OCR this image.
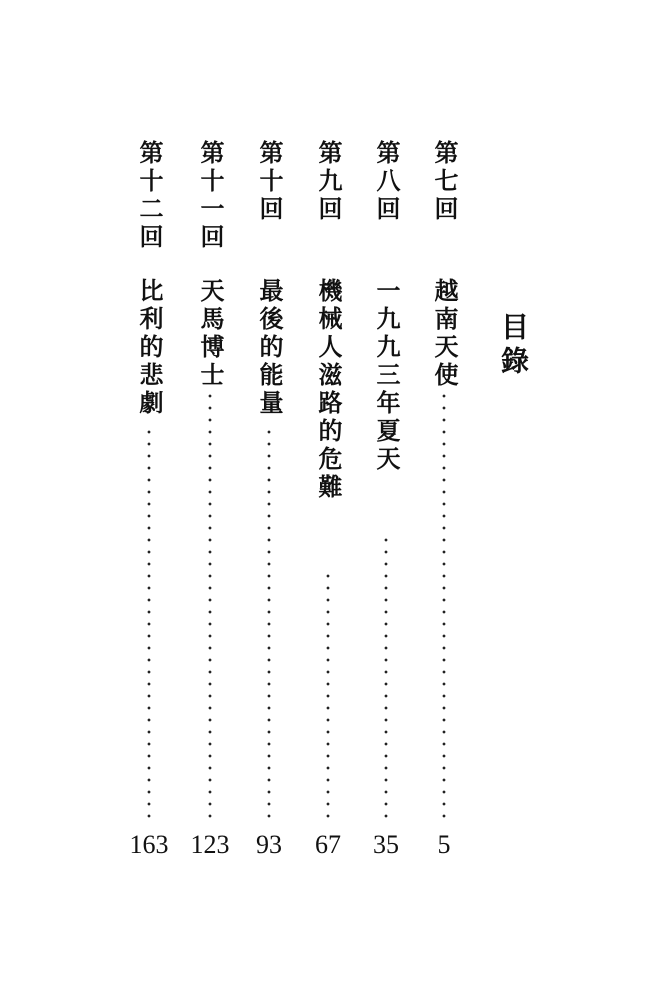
目錄
第七回
越南天使
5
第八回
一九九三年夏天
35
第九回
機械人滋路的危難
67
第十回
最後的能量
93
第十一回
天馬博士
123
第十二回
比利的悲劇
163
